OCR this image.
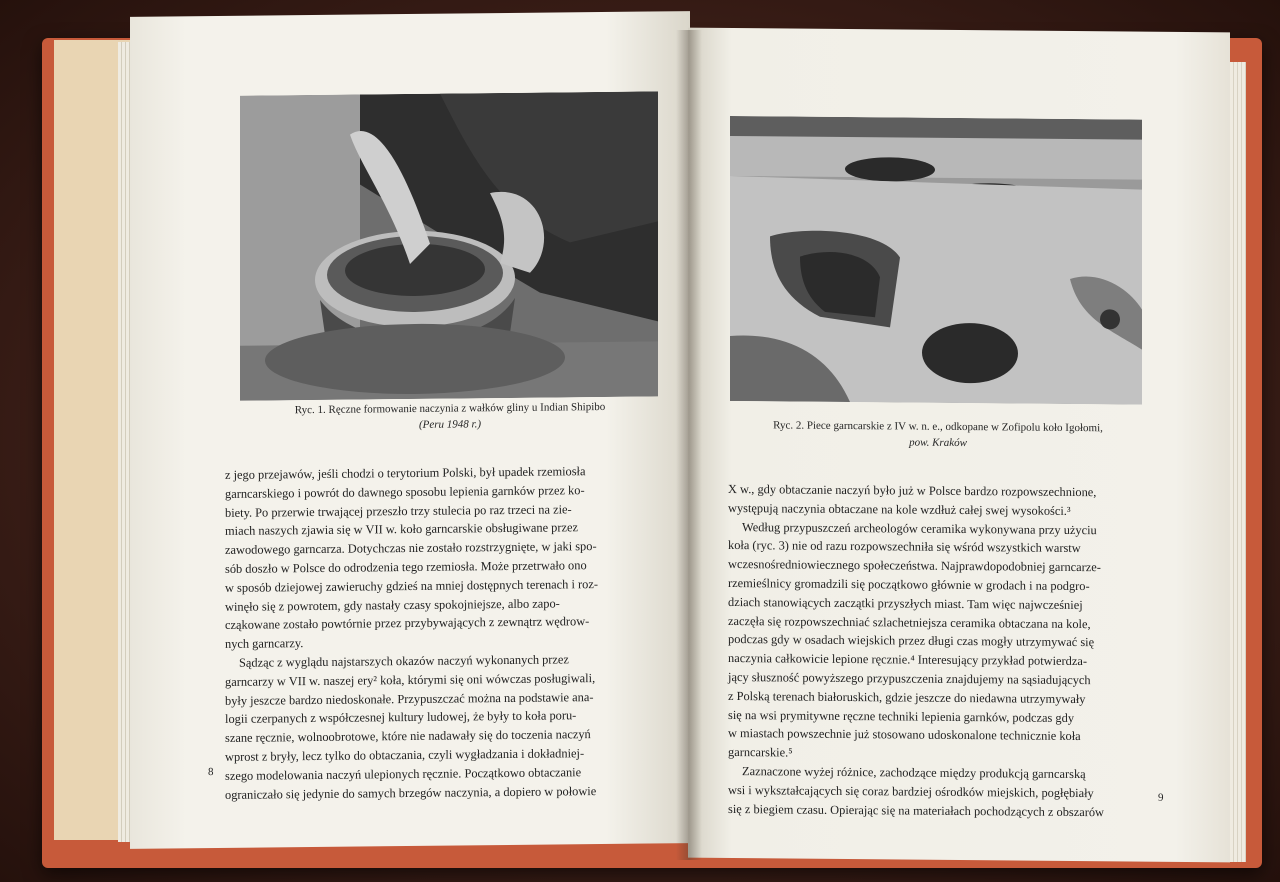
Ryc. 1. Ręczne formowanie naczynia z wałków gliny u Indian Shipibo
(Peru 1948 r.)
z jego przejawów, jeśli chodzi o terytorium Polski, był upadek rzemiosła
garncarskiego i powrót do dawnego sposobu lepienia garnków przez ko-
biety. Po przerwie trwającej przeszło trzy stulecia po raz trzeci na zie-
miach naszych zjawia się w VII w. koło garncarskie obsługiwane przez
zawodowego garncarza. Dotychczas nie zostało rozstrzygnięte, w jaki spo-
sób doszło w Polsce do odrodzenia tego rzemiosła. Może przetrwało ono
w sposób dziejowej zawieruchy gdzieś na mniej dostępnych terenach i roz-
winęło się z powrotem, gdy nastały czasy spokojniejsze, albo zapo-
cząkowane zostało powtórnie przez przybywających z zewnątrz wędrow-
nych garncarzy.
Sądząc z wyglądu najstarszych okazów naczyń wykonanych przez
garncarzy w VII w. naszej ery² koła, którymi się oni wówczas posługiwali,
były jeszcze bardzo niedoskonałe. Przypuszczać można na podstawie ana-
logii czerpanych z współczesnej kultury ludowej, że były to koła poru-
szane ręcznie, wolnoobrotowe, które nie nadawały się do toczenia naczyń
wprost z bryły, lecz tylko do obtaczania, czyli wygładzania i dokładniej-
szego modelowania naczyń ulepionych ręcznie. Początkowo obtaczanie
ograniczało się jedynie do samych brzegów naczynia, a dopiero w połowie
8
Ryc. 2. Piece garncarskie z IV w. n. e., odkopane w Zofipolu koło Igołomi,
pow. Kraków
X w., gdy obtaczanie naczyń było już w Polsce bardzo rozpowszechnione,
występują naczynia obtaczane na kole wzdłuż całej swej wysokości.³
Według przypuszczeń archeologów ceramika wykonywana przy użyciu
koła (ryc. 3) nie od razu rozpowszechniła się wśród wszystkich warstw
wczesnośredniowiecznego społeczeństwa. Najprawdopodobniej garncarze-
rzemieślnicy gromadzili się początkowo głównie w grodach i na podgro-
dziach stanowiących zaczątki przyszłych miast. Tam więc najwcześniej
zaczęła się rozpowszechniać szlachetniejsza ceramika obtaczana na kole,
podczas gdy w osadach wiejskich przez długi czas mogły utrzymywać się
naczynia całkowicie lepione ręcznie.⁴ Interesujący przykład potwierdza-
jący słuszność powyższego przypuszczenia znajdujemy na sąsiadujących
z Polską terenach białoruskich, gdzie jeszcze do niedawna utrzymywały
się na wsi prymitywne ręczne techniki lepienia garnków, podczas gdy
w miastach powszechnie już stosowano udoskonalone technicznie koła
garncarskie.⁵
Zaznaczone wyżej różnice, zachodzące między produkcją garncarską
wsi i wykształcających się coraz bardziej ośrodków miejskich, pogłębiały
się z biegiem czasu. Opierając się na materiałach pochodzących z obszarów
9
